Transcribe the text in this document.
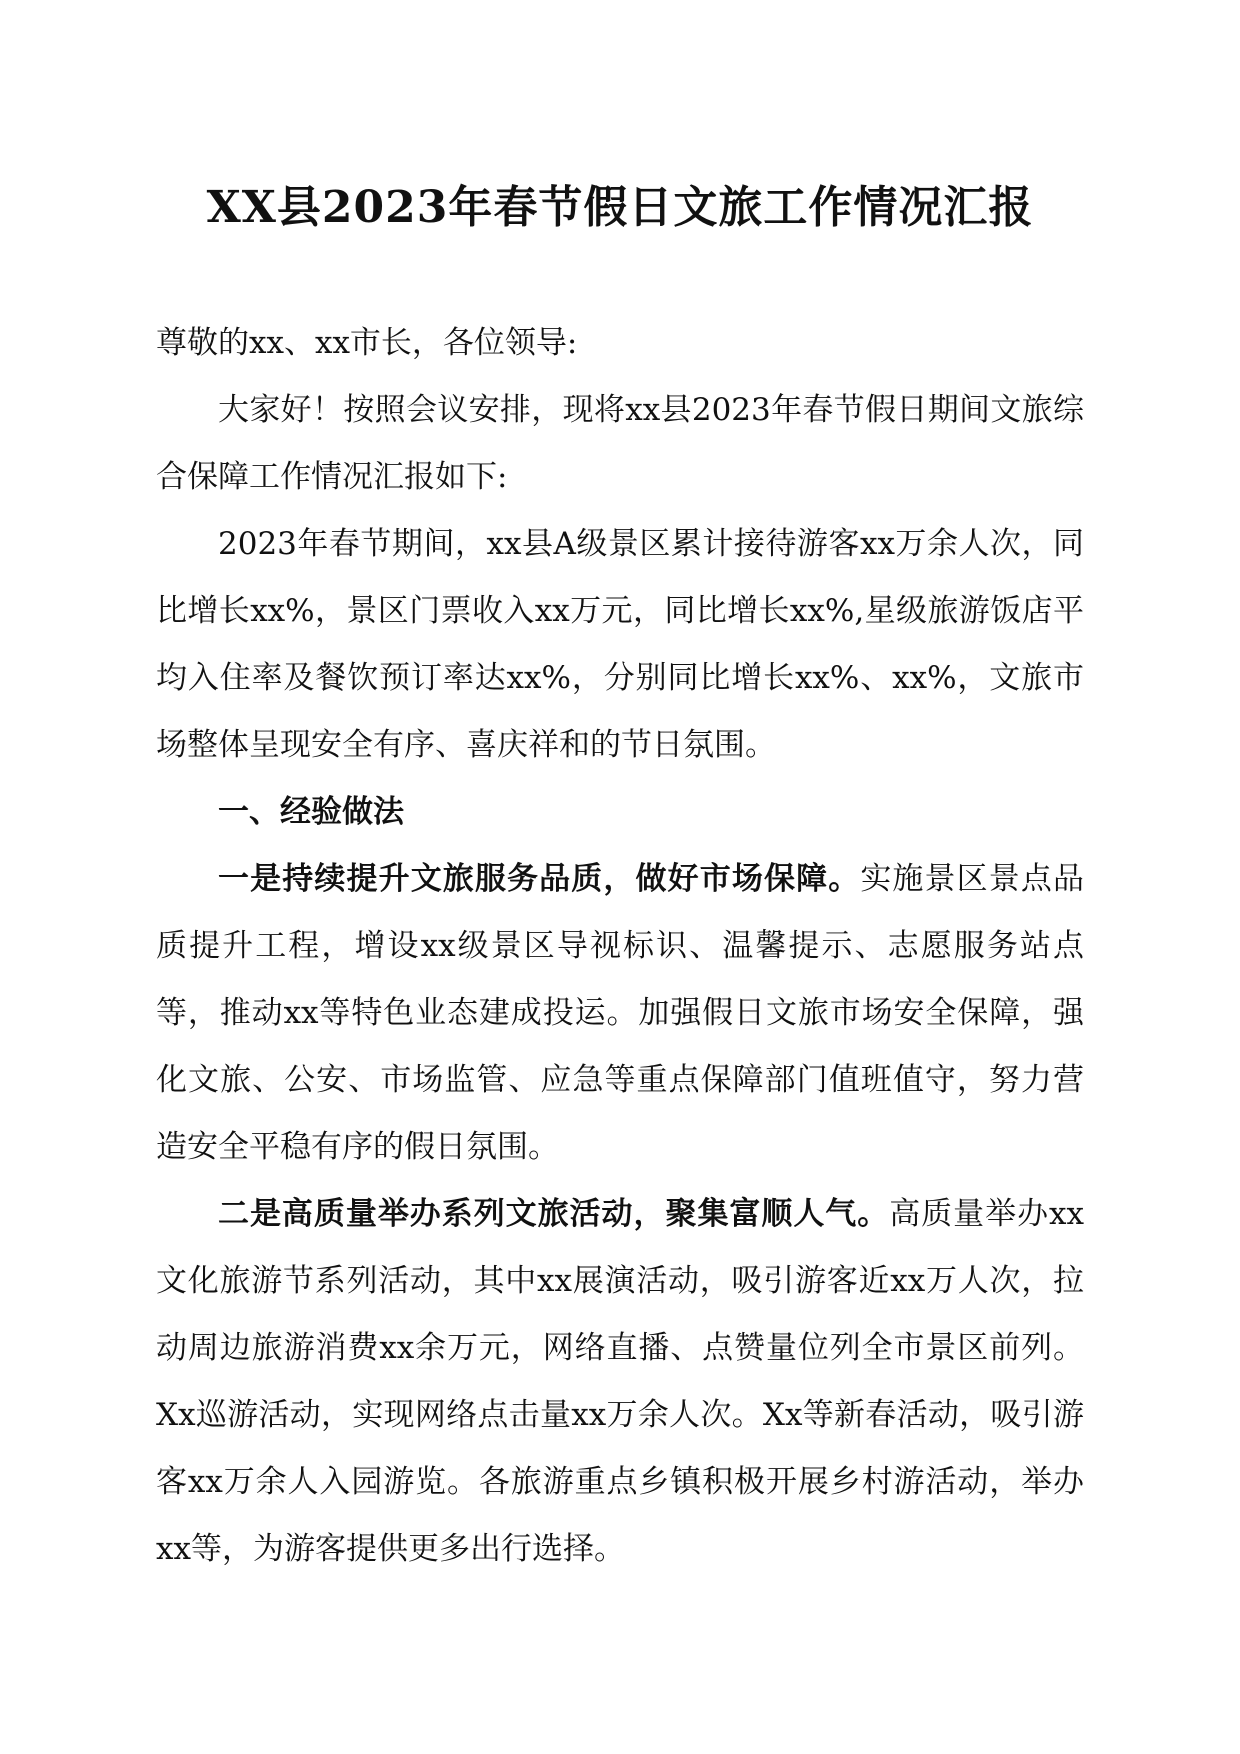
XX县2023年春节假日文旅工作情况汇报

尊敬的xx、xx市长，各位领导:

大家好！按照会议安排，现将xx县2023年春节假日期间文旅综合保障工作情况汇报如下:

2023年春节期间，xx县A级景区累计接待游客xx万余人次，同比增长xx%，景区门票收入xx万元，同比增长xx%,星级旅游饭店平均入住率及餐饮预订率达xx%，分别同比增长xx%、xx%，文旅市场整体呈现安全有序、喜庆祥和的节日氛围。

一、经验做法

一是持续提升文旅服务品质，做好市场保障。实施景区景点品质提升工程，增设xx级景区导视标识、温馨提示、志愿服务站点等，推动xx等特色业态建成投运。加强假日文旅市场安全保障，强化文旅、公安、市场监管、应急等重点保障部门值班值守，努力营造安全平稳有序的假日氛围。

二是高质量举办系列文旅活动，聚集富顺人气。高质量举办xx文化旅游节系列活动，其中xx展演活动，吸引游客近xx万人次，拉动周边旅游消费xx余万元，网络直播、点赞量位列全市景区前列。Xx巡游活动，实现网络点击量xx万余人次。Xx等新春活动，吸引游客xx万余人入园游览。各旅游重点乡镇积极开展乡村游活动，举办xx等，为游客提供更多出行选择。
